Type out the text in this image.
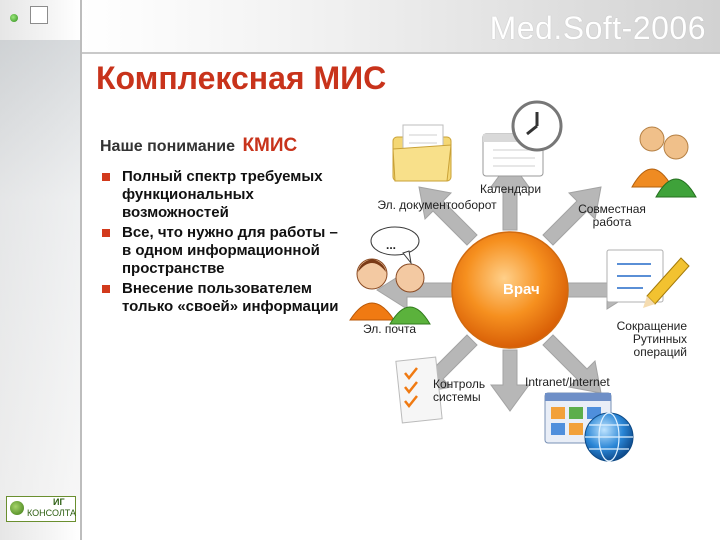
Med.Soft-2006
Комплексная МИС
Наше понимание КМИС
Полный спектр требуемых функциональных возможностей
Все, что нужно для работы – в одном информационной пространстве
Внесение пользователем только «своей» информации
Календари
Эл. документооборот	Совместная работа
Эл. почта	Сокращение Рутинных операций
Контроль системы
Intranet/Internet
...
Врач
ИГ
КОНСОЛТА
